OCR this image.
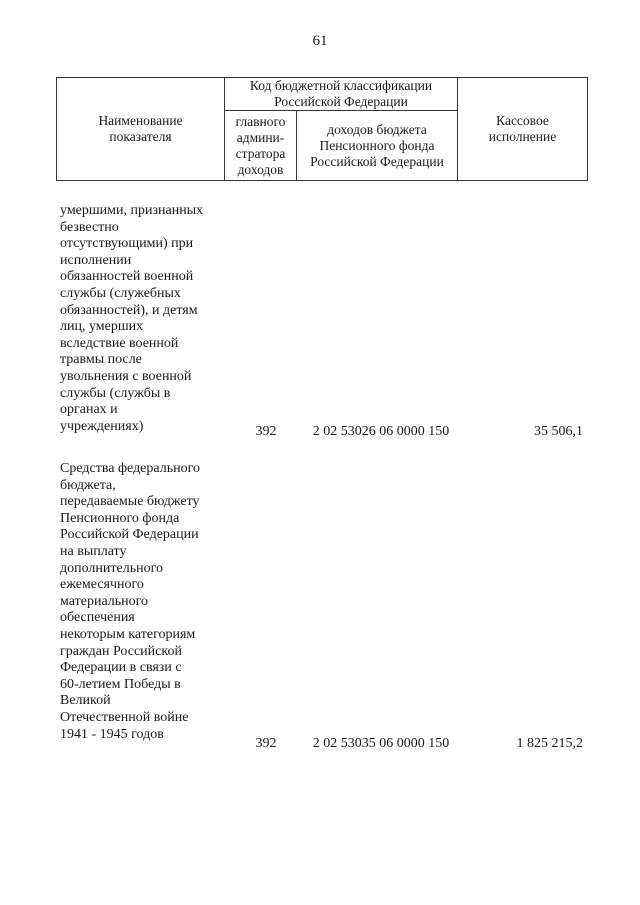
61
Наименование показателя	Код бюджетной классификации Российской Федерации		Кассовое исполнение
	главного админи-стратора доходов	доходов бюджета Пенсионного фонда Российской Федерации	
умершими, признанных
безвестно
отсутствующими) при
исполнении
обязанностей военной
службы (служебных
обязанностей), и детям
лиц, умерших
вследствие военной
травмы после
увольнения с военной
службы (службы в
органах и
учреждениях)	392	2 02 53026 06 0000 150	35 506,1
Средства федерального
бюджета,
передаваемые бюджету
Пенсионного фонда
Российской Федерации
на выплату
дополнительного
ежемесячного
материального
обеспечения
некоторым категориям
граждан Российской
Федерации в связи с
60-летием Победы в
Великой
Отечественной войне
1941 - 1945 годов
392	2 02 53035 06 0000 150	1 825 215,2
